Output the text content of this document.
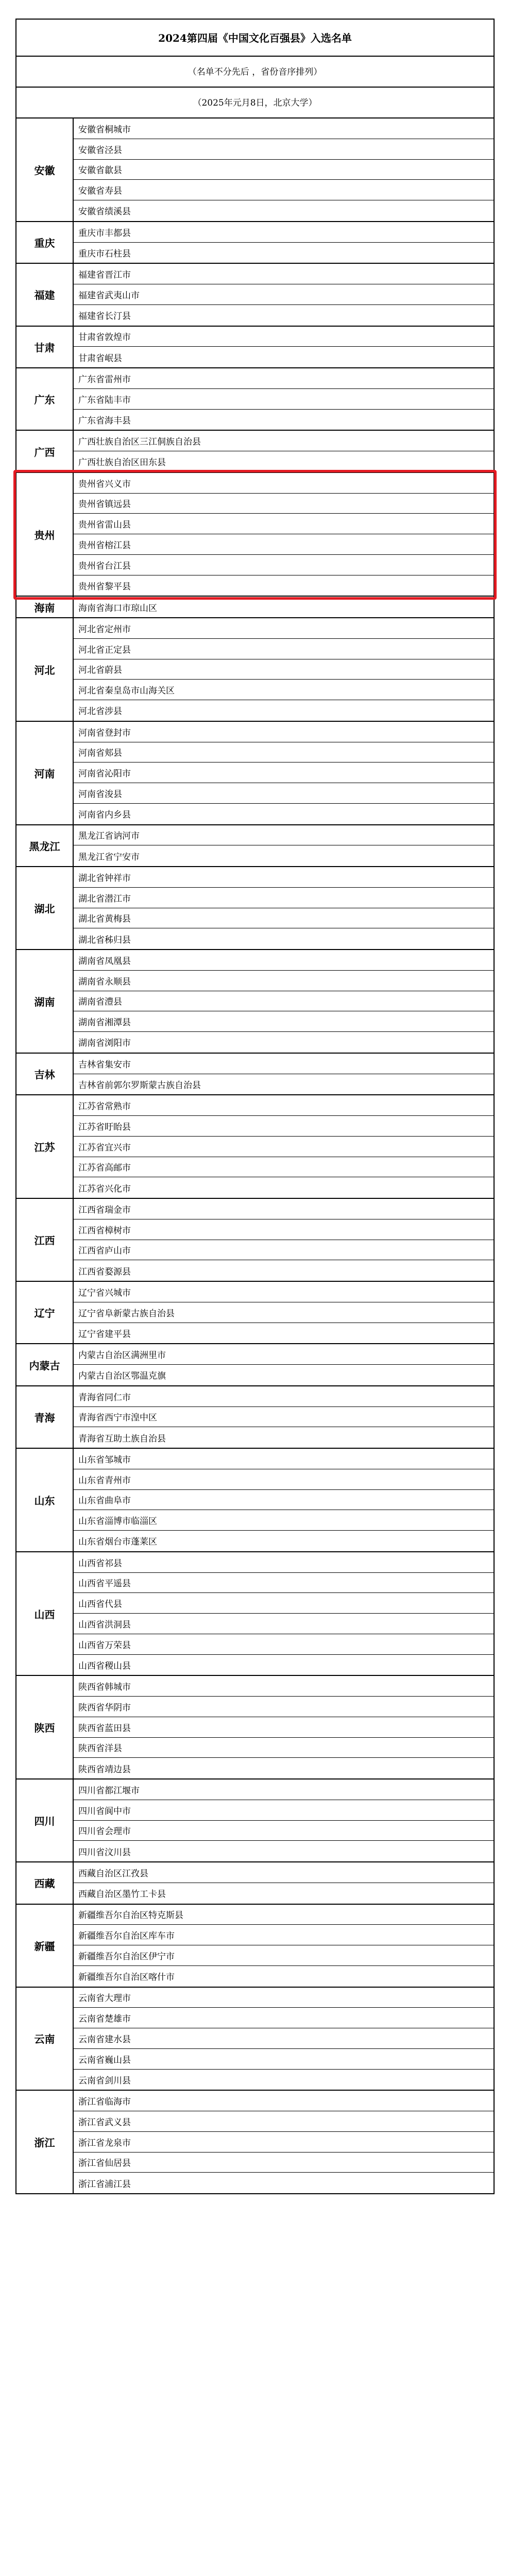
2024第四届《中国文化百强县》入选名单
（名单不分先后 ，省份音序排列）
（2025年元月8日，北京大学）
安徽
安徽省桐城市
安徽省泾县
安徽省歙县
安徽省寿县
安徽省绩溪县
重庆
重庆市丰都县
重庆市石柱县
福建
福建省晋江市
福建省武夷山市
福建省长汀县
甘肃
甘肃省敦煌市
甘肃省岷县
广东
广东省雷州市
广东省陆丰市
广东省海丰县
广西
广西壮族自治区三江侗族自治县
广西壮族自治区田东县
贵州
贵州省兴义市
贵州省镇远县
贵州省雷山县
贵州省榕江县
贵州省台江县
贵州省黎平县
海南	海南省海口市琼山区
河北
河北省定州市
河北省正定县
河北省蔚县
河北省秦皇岛市山海关区
河北省涉县
河南
河南省登封市
河南省郏县
河南省沁阳市
河南省浚县
河南省内乡县
黑龙江
黑龙江省讷河市
黑龙江省宁安市
湖北
湖北省钟祥市
湖北省潜江市
湖北省黄梅县
湖北省秭归县
湖南
湖南省凤凰县
湖南省永顺县
湖南省澧县
湖南省湘潭县
湖南省浏阳市
吉林
吉林省集安市
吉林省前郭尔罗斯蒙古族自治县
江苏
江苏省常熟市
江苏省盱眙县
江苏省宜兴市
江苏省高邮市
江苏省兴化市
江西
江西省瑞金市
江西省樟树市
江西省庐山市
江西省婺源县
辽宁
辽宁省兴城市
辽宁省阜新蒙古族自治县
辽宁省建平县
内蒙古
内蒙古自治区满洲里市
内蒙古自治区鄂温克旗
青海
青海省同仁市
青海省西宁市湟中区
青海省互助土族自治县
山东
山东省邹城市
山东省青州市
山东省曲阜市
山东省淄博市临淄区
山东省烟台市蓬莱区
山西
山西省祁县
山西省平遥县
山西省代县
山西省洪洞县
山西省万荣县
山西省稷山县
陕西
陕西省韩城市
陕西省华阴市
陕西省蓝田县
陕西省洋县
陕西省靖边县
四川
四川省都江堰市
四川省阆中市
四川省会理市
四川省汶川县
西藏
西藏自治区江孜县
西藏自治区墨竹工卡县
新疆
新疆维吾尔自治区特克斯县
新疆维吾尔自治区库车市
新疆维吾尔自治区伊宁市
新疆维吾尔自治区喀什市
云南
云南省大理市
云南省楚雄市
云南省建水县
云南省巍山县
云南省剑川县
浙江
浙江省临海市
浙江省武义县
浙江省龙泉市
浙江省仙居县
浙江省浦江县
